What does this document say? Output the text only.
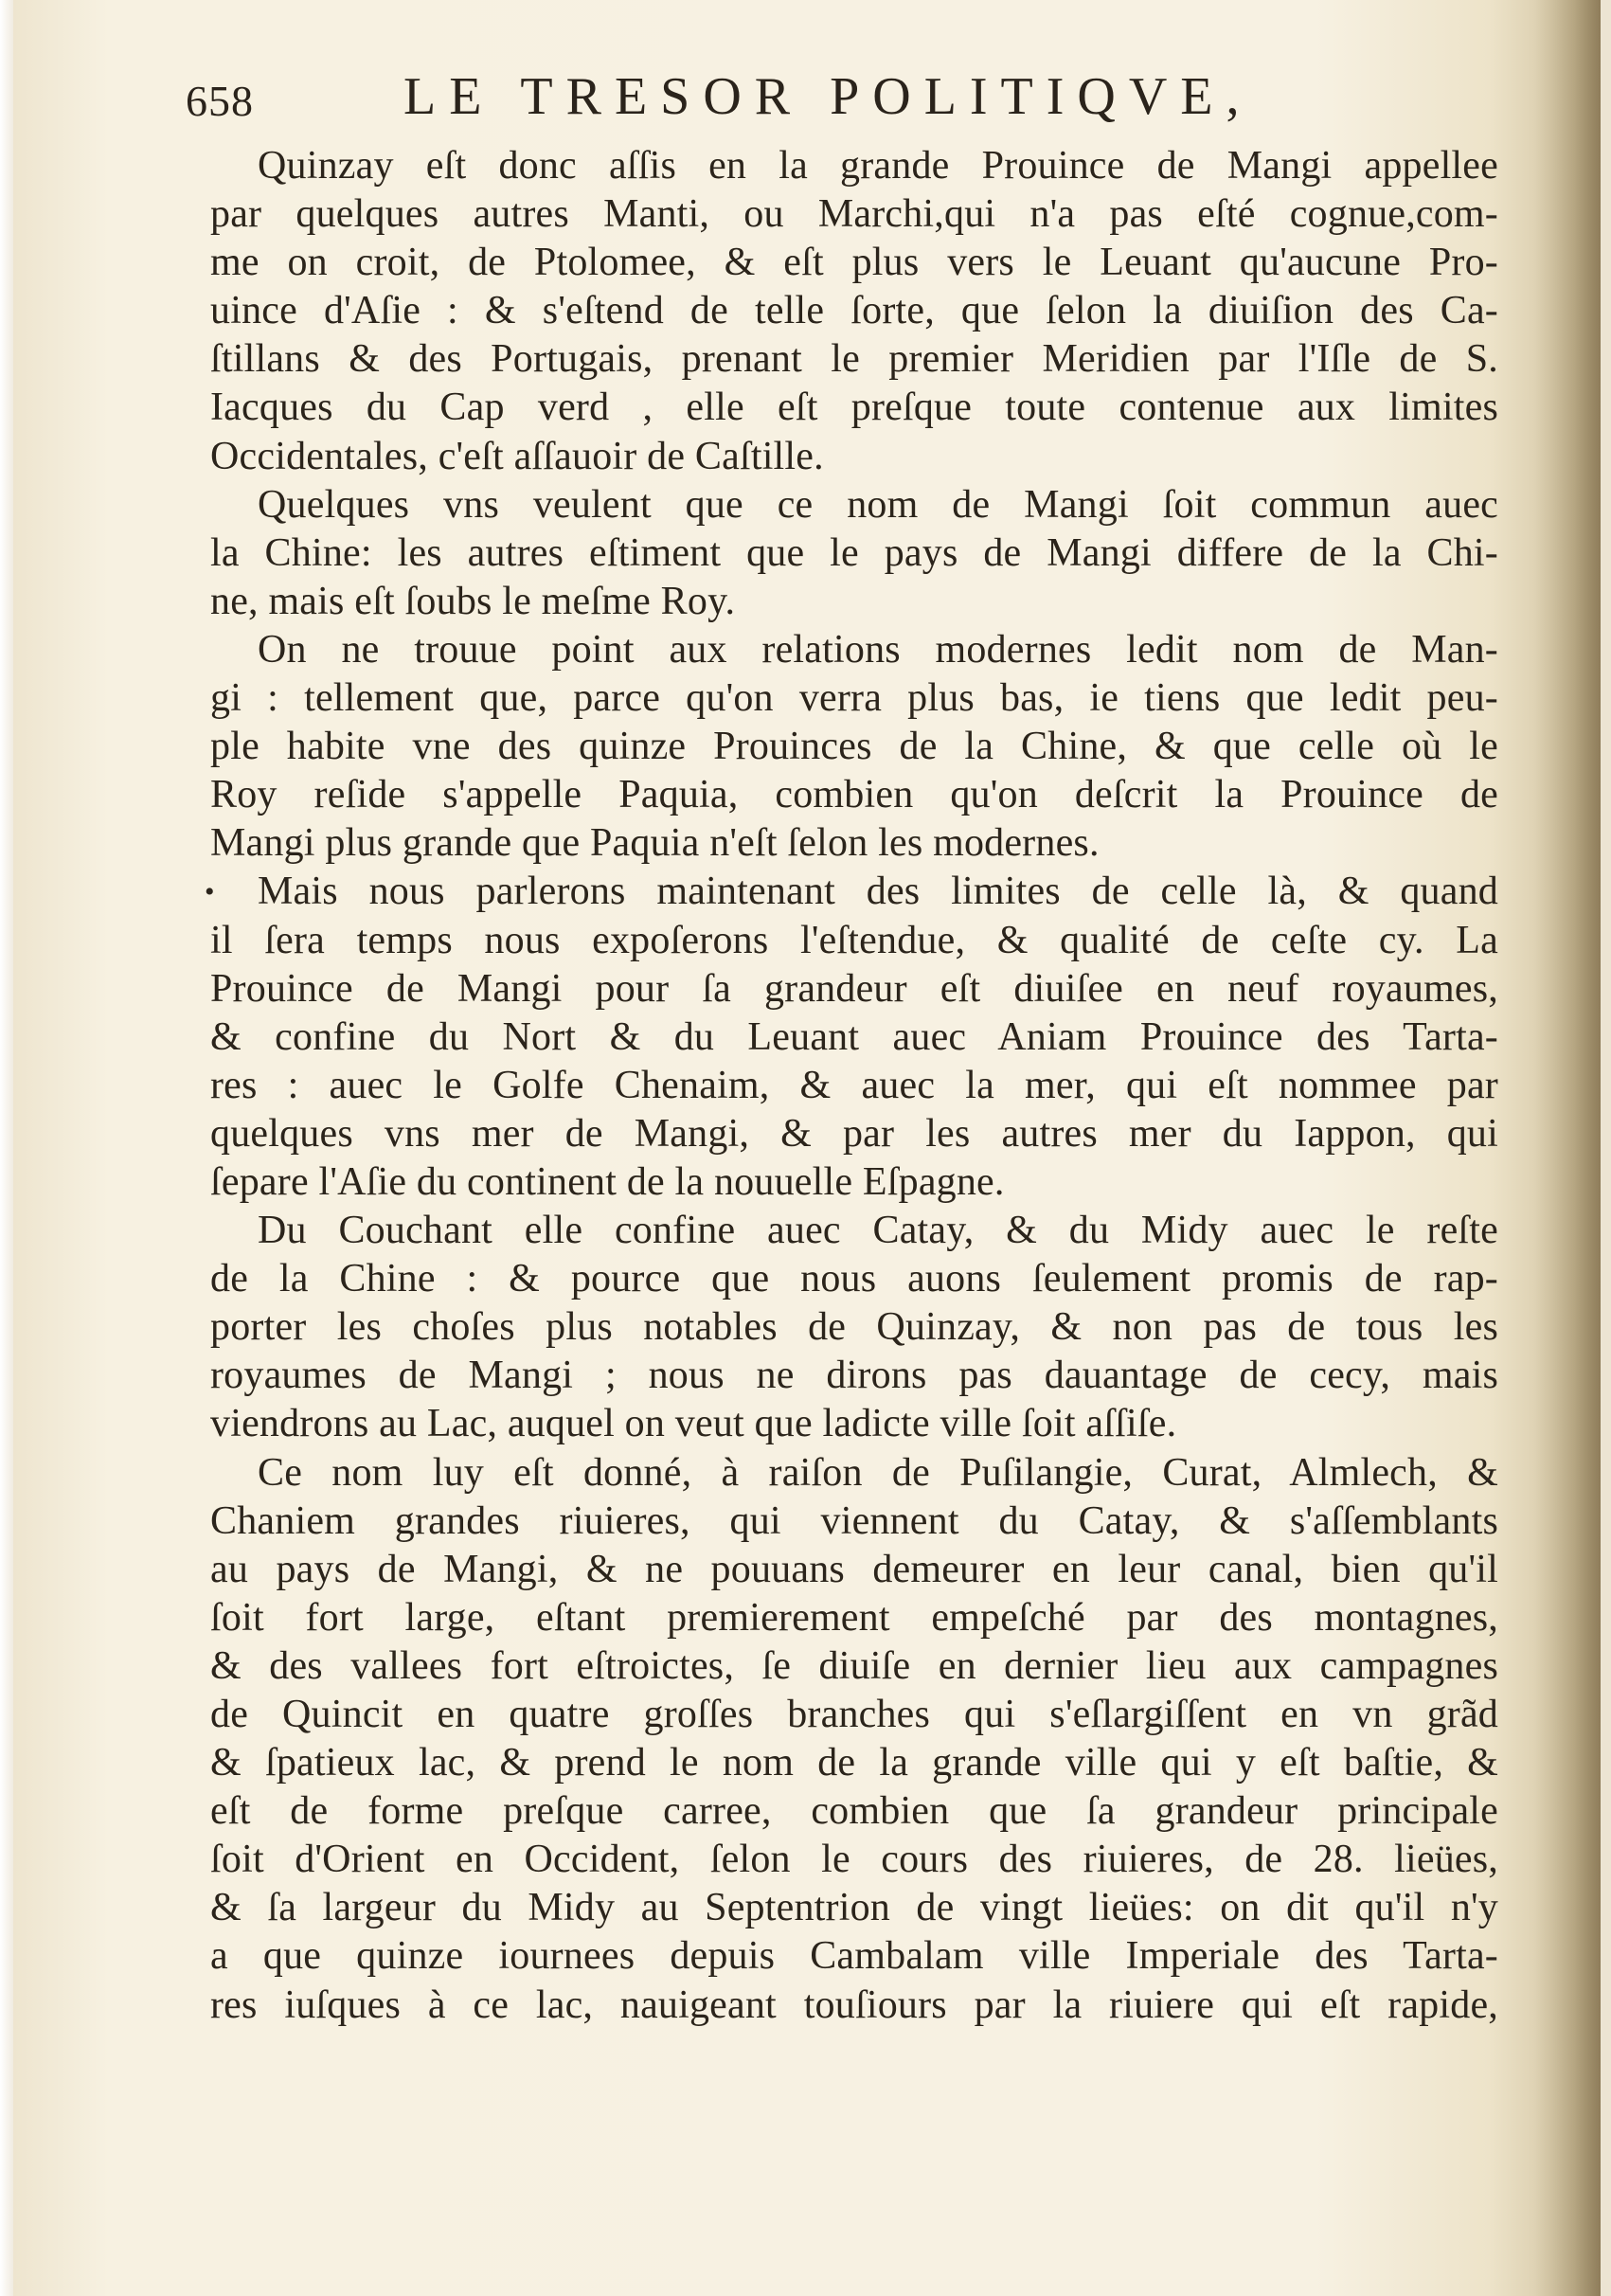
658	LE TRESOR POLITIQVE,
Quinzay eſt donc aſſis en la grande Prouince de Mangi appellee
par quelques autres Manti, ou Marchi,qui n'a pas eſté cognue,com-
me on croit, de Ptolomee, & eſt plus vers le Leuant qu'aucune Pro-
uince d'Aſie : & s'eſtend de telle ſorte, que ſelon la diuiſion des Ca-
ſtillans & des Portugais, prenant le premier Meridien par l'Iſle de S.
Iacques du Cap verd , elle eſt preſque toute contenue aux limites
Occidentales, c'eſt aſſauoir de Caſtille.
Quelques vns veulent que ce nom de Mangi ſoit commun auec
la Chine: les autres eſtiment que le pays de Mangi differe de la Chi-
ne, mais eſt ſoubs le meſme Roy.
On ne trouue point aux relations modernes ledit nom de Man-
gi : tellement que, parce qu'on verra plus bas, ie tiens que ledit peu-
ple habite vne des quinze Prouinces de la Chine, & que celle où le
Roy reſide s'appelle Paquia, combien qu'on deſcrit la Prouince de
Mangi plus grande que Paquia n'eſt ſelon les modernes.
•	Mais nous parlerons maintenant des limites de celle là, & quand
il ſera temps nous expoſerons l'eſtendue, & qualité de ceſte cy. La
Prouince de Mangi pour ſa grandeur eſt diuiſee en neuf royaumes,
& confine du Nort & du Leuant auec Aniam Prouince des Tarta-
res : auec le Golfe Chenaim, & auec la mer, qui eſt nommee par
quelques vns mer de Mangi, & par les autres mer du Iappon, qui
ſepare l'Aſie du continent de la nouuelle Eſpagne.
Du Couchant elle confine auec Catay, & du Midy auec le reſte
de la Chine : & pource que nous auons ſeulement promis de rap-
porter les choſes plus notables de Quinzay, & non pas de tous les
royaumes de Mangi ; nous ne dirons pas dauantage de cecy, mais
viendrons au Lac, auquel on veut que ladicte ville ſoit aſſiſe.
Ce nom luy eſt donné, à raiſon de Puſilangie, Curat, Almlech, &
Chaniem grandes riuieres, qui viennent du Catay, & s'aſſemblants
au pays de Mangi, & ne pouuans demeurer en leur canal, bien qu'il
ſoit fort large, eſtant premierement empeſché par des montagnes,
& des vallees fort eſtroictes, ſe diuiſe en dernier lieu aux campagnes
de Quincit en quatre groſſes branches qui s'eſlargiſſent en vn grãd
& ſpatieux lac, & prend le nom de la grande ville qui y eſt baſtie, &
eſt de forme preſque carree, combien que ſa grandeur principale
ſoit d'Orient en Occident, ſelon le cours des riuieres, de 28. lieües,
& ſa largeur du Midy au Septentrion de vingt lieües: on dit qu'il n'y
a que quinze iournees depuis Cambalam ville Imperiale des Tarta-
res iuſques à ce lac, nauigeant touſiours par la riuiere qui eſt rapide,
